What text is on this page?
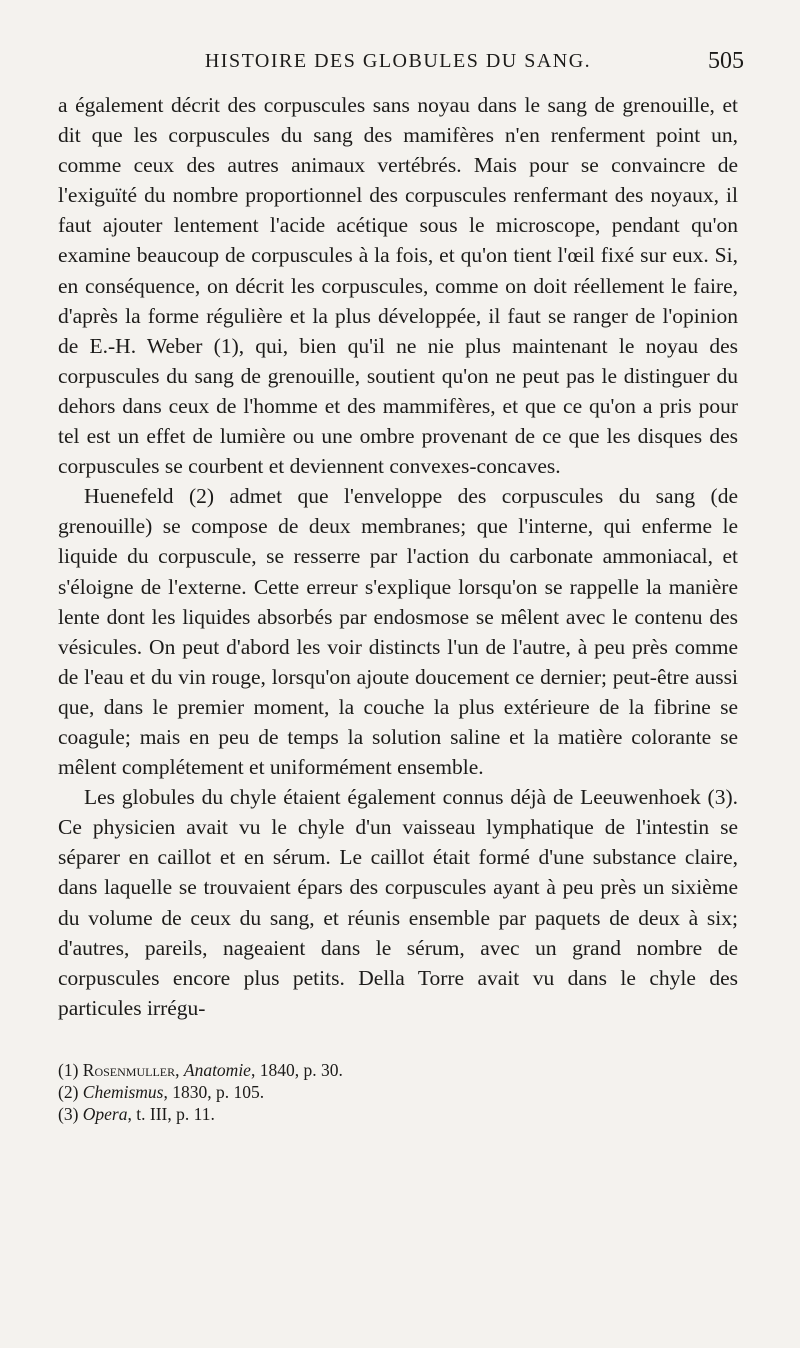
HISTOIRE DES GLOBULES DU SANG.	505

a également décrit des corpuscules sans noyau dans le sang de grenouille, et dit que les corpuscules du sang des mamifères n'en renferment point un, comme ceux des autres animaux vertébrés. Mais pour se convaincre de l'exiguïté du nombre proportionnel des corpuscules renfermant des noyaux, il faut ajouter lentement l'acide acétique sous le microscope, pendant qu'on examine beaucoup de corpuscules à la fois, et qu'on tient l'œil fixé sur eux. Si, en conséquence, on décrit les corpuscules, comme on doit réellement le faire, d'après la forme régulière et la plus développée, il faut se ranger de l'opinion de E.-H. Weber (1), qui, bien qu'il ne nie plus maintenant le noyau des corpuscules du sang de grenouille, soutient qu'on ne peut pas le distinguer du dehors dans ceux de l'homme et des mammifères, et que ce qu'on a pris pour tel est un effet de lumière ou une ombre provenant de ce que les disques des corpuscules se courbent et deviennent convexes-concaves.

Huenefeld (2) admet que l'enveloppe des corpuscules du sang (de grenouille) se compose de deux membranes; que l'interne, qui enferme le liquide du corpuscule, se resserre par l'action du carbonate ammoniacal, et s'éloigne de l'externe. Cette erreur s'explique lorsqu'on se rappelle la manière lente dont les liquides absorbés par endosmose se mêlent avec le contenu des vésicules. On peut d'abord les voir distincts l'un de l'autre, à peu près comme de l'eau et du vin rouge, lorsqu'on ajoute doucement ce dernier; peut-être aussi que, dans le premier moment, la couche la plus extérieure de la fibrine se coagule; mais en peu de temps la solution saline et la matière colorante se mêlent complétement et uniformément ensemble.

Les globules du chyle étaient également connus déjà de Leeuwenhoek (3). Ce physicien avait vu le chyle d'un vaisseau lymphatique de l'intestin se séparer en caillot et en sérum. Le caillot était formé d'une substance claire, dans laquelle se trouvaient épars des corpuscules ayant à peu près un sixième du volume de ceux du sang, et réunis ensemble par paquets de deux à six; d'autres, pareils, nageaient dans le sérum, avec un grand nombre de corpuscules encore plus petits. Della Torre avait vu dans le chyle des particules irrégu-

(1) Rosenmuller, Anatomie, 1840, p. 30.
(2) Chemismus, 1830, p. 105.
(3) Opera, t. III, p. 11.
